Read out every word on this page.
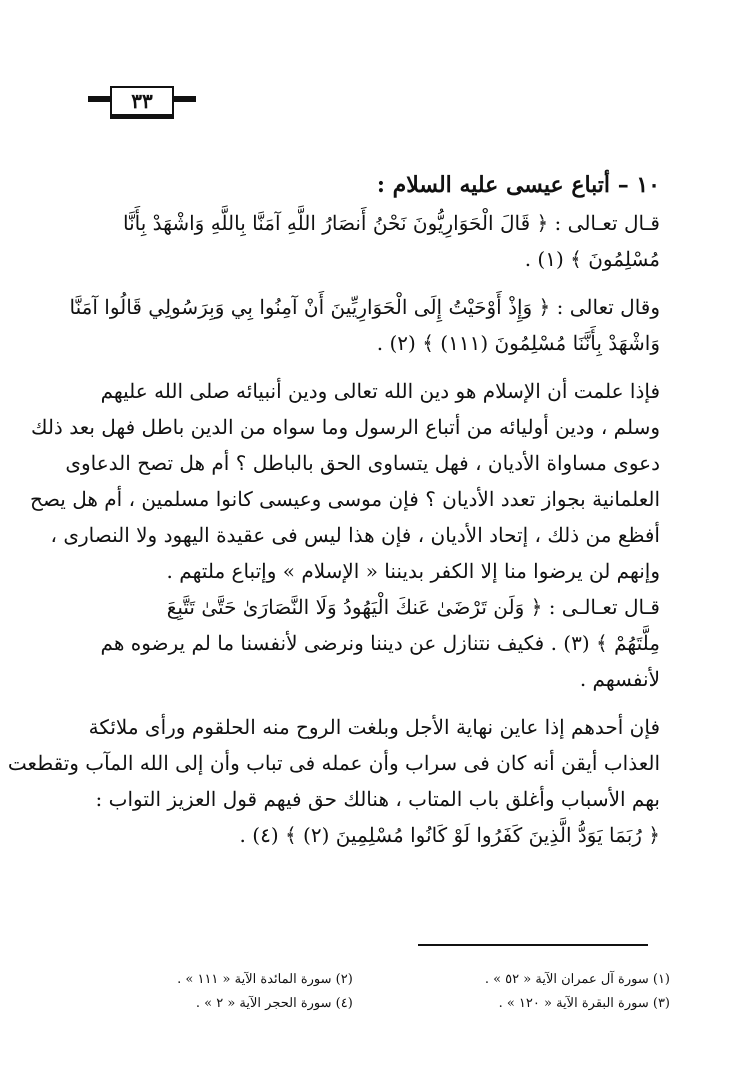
٣٣
١٠ – أتباع عيسى عليه السلام :
قـال تعـالى : ﴿ قَالَ الْحَوَارِيُّونَ نَحْنُ أَنصَارُ اللَّهِ آمَنَّا بِاللَّهِ وَاشْهَدْ بِأَنَّا
مُسْلِمُونَ ﴾ (١) .
وقال تعالى : ﴿ وَإِذْ أَوْحَيْتُ إِلَى الْحَوَارِيِّينَ أَنْ آمِنُوا بِي وَبِرَسُولِي قَالُوا آمَنَّا
وَاشْهَدْ بِأَنَّنَا مُسْلِمُونَ (١١١) ﴾ (٢) .
فإذا علمت أن الإسلام هو دين الله تعالى ودين أنبيائه صلى الله عليهم
وسلم ، ودين أوليائه من أتباع الرسول وما سواه من الدين باطل فهل بعد ذلك
دعوى مساواة الأديان ، فهل يتساوى الحق بالباطل ؟ أم هل تصح الدعاوى
العلمانية بجواز تعدد الأديان ؟ فإن موسى وعيسى كانوا مسلمين ، أم هل يصح
أفظع من ذلك ، إتحاد الأديان ، فإن هذا ليس فى عقيدة اليهود ولا النصارى ،
وإنهم لن يرضوا منا إلا الكفر بديننا « الإسلام » وإتباع ملتهم .
قـال تعـالـى : ﴿ وَلَن تَرْضَىٰ عَنكَ الْيَهُودُ وَلَا النَّصَارَىٰ حَتَّىٰ تَتَّبِعَ
مِلَّتَهُمْ ﴾ (٣) . فكيف نتنازل عن ديننا ونرضى لأنفسنا ما لم يرضوه هم
لأنفسهم .
فإن أحدهم إذا عاين نهاية الأجل وبلغت الروح منه الحلقوم ورأى ملائكة
العذاب أيقن أنه كان فى سراب وأن عمله فى تباب وأن إلى الله المآب وتقطعت
بهم الأسباب وأغلق باب المتاب ، هنالك حق فيهم قول العزيز التواب :
﴿ رُبَمَا يَوَدُّ الَّذِينَ كَفَرُوا لَوْ كَانُوا مُسْلِمِينَ (٢) ﴾ (٤) .
(١) سورة آل عمران الآية « ٥٢ » .
(٢) سورة المائدة الآية « ١١١ » .
(٣) سورة البقرة الآية « ١٢٠ » .
(٤) سورة الحجر الآية « ٢ » .
